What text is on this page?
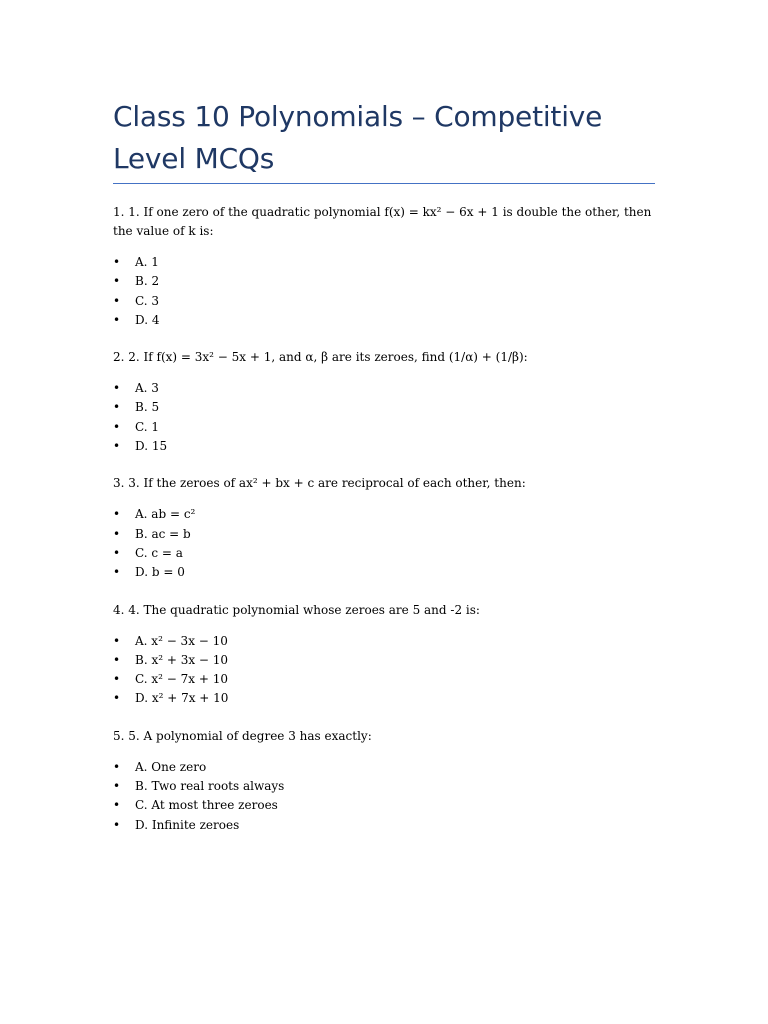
Class 10 Polynomials – Competitive Level MCQs

1. 1. If one zero of the quadratic polynomial f(x) = kx² − 6x + 1 is double the other, then the value of k is:

• A. 1
• B. 2
• C. 3
• D. 4

2. 2. If f(x) = 3x² − 5x + 1, and α, β are its zeroes, find (1/α) + (1/β):

• A. 3
• B. 5
• C. 1
• D. 15

3. 3. If the zeroes of ax² + bx + c are reciprocal of each other, then:

• A. ab = c²
• B. ac = b
• C. c = a
• D. b = 0

4. 4. The quadratic polynomial whose zeroes are 5 and -2 is:

• A. x² − 3x − 10
• B. x² + 3x − 10
• C. x² − 7x + 10
• D. x² + 7x + 10

5. 5. A polynomial of degree 3 has exactly:

• A. One zero
• B. Two real roots always
• C. At most three zeroes
• D. Infinite zeroes
